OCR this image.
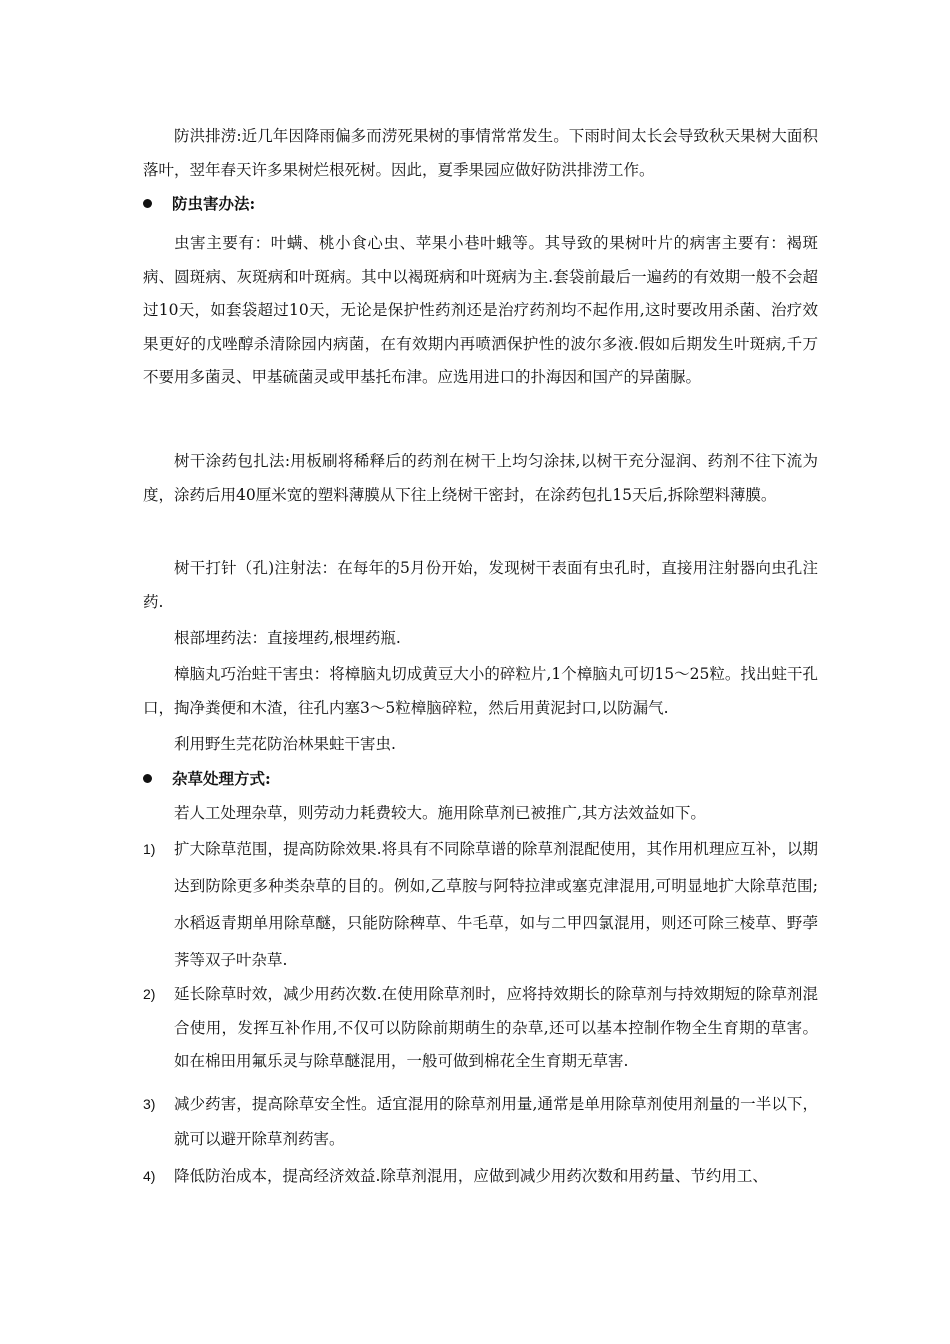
防洪排涝:近几年因降雨偏多而涝死果树的事情常常发生。下雨时间太长会导致秋天果树大面积落叶，翌年春天许多果树烂根死树。因此，夏季果园应做好防洪排涝工作。

防虫害办法:

虫害主要有：叶螨、桃小食心虫、苹果小巷叶蛾等。其导致的果树叶片的病害主要有：褐斑病、圆斑病、灰斑病和叶斑病。其中以褐斑病和叶斑病为主.套袋前最后一遍药的有效期一般不会超过10天，如套袋超过10天，无论是保护性药剂还是治疗药剂均不起作用,这时要改用杀菌、治疗效果更好的戊唑醇杀清除园内病菌，在有效期内再喷洒保护性的波尔多液.假如后期发生叶斑病,千万不要用多菌灵、甲基硫菌灵或甲基托布津。应选用进口的扑海因和国产的异菌脲。

树干涂药包扎法:用板刷将稀释后的药剂在树干上均匀涂抹,以树干充分湿润、药剂不往下流为度，涂药后用40厘米宽的塑料薄膜从下往上绕树干密封，在涂药包扎15天后,拆除塑料薄膜。

树干打针（孔)注射法：在每年的5月份开始，发现树干表面有虫孔时，直接用注射器向虫孔注药.

根部埋药法：直接埋药,根埋药瓶.

樟脑丸巧治蛀干害虫：将樟脑丸切成黄豆大小的碎粒片,1个樟脑丸可切15～25粒。找出蛀干孔口，掏净粪便和木渣，往孔内塞3～5粒樟脑碎粒，然后用黄泥封口,以防漏气.

利用野生芫花防治林果蛀干害虫.

杂草处理方式:

若人工处理杂草，则劳动力耗费较大。施用除草剂已被推广,其方法效益如下。

1) 扩大除草范围，提高防除效果.将具有不同除草谱的除草剂混配使用，其作用机理应互补，以期达到防除更多种类杂草的目的。例如,乙草胺与阿特拉津或塞克津混用,可明显地扩大除草范围;水稻返青期单用除草醚，只能防除稗草、牛毛草，如与二甲四氯混用，则还可除三棱草、野荸荠等双子叶杂草.
2) 延长除草时效，减少用药次数.在使用除草剂时，应将持效期长的除草剂与持效期短的除草剂混合使用，发挥互补作用,不仅可以防除前期萌生的杂草,还可以基本控制作物全生育期的草害。如在棉田用氟乐灵与除草醚混用，一般可做到棉花全生育期无草害.
3) 减少药害，提高除草安全性。适宜混用的除草剂用量,通常是单用除草剂使用剂量的一半以下，就可以避开除草剂药害。
4) 降低防治成本，提高经济效益.除草剂混用，应做到减少用药次数和用药量、节约用工、
